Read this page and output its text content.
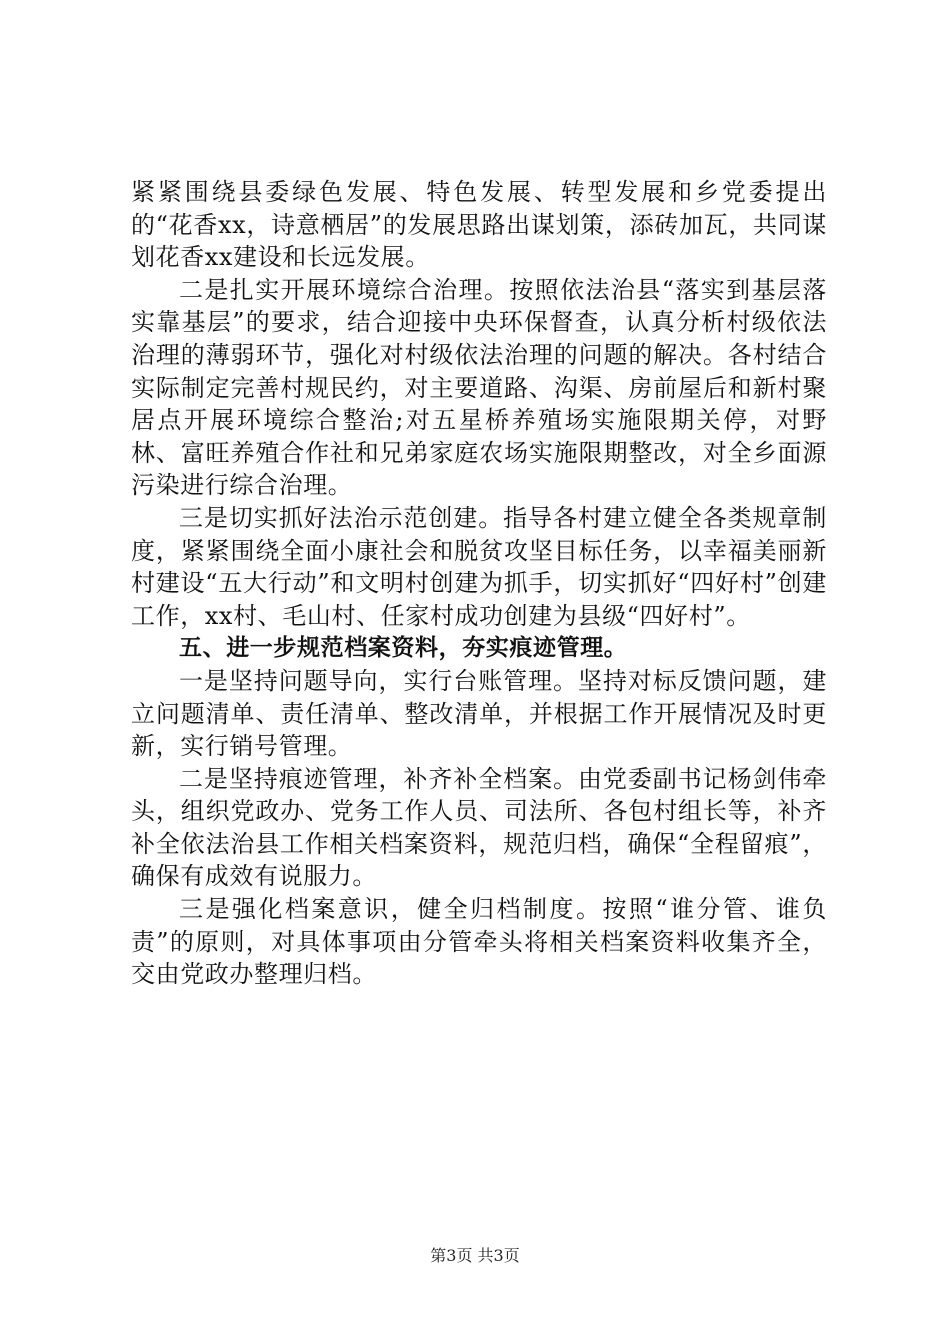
紧紧围绕县委绿色发展、特色发展、转型发展和乡党委提出的“花香xx，诗意栖居”的发展思路出谋划策，添砖加瓦，共同谋划花香xx建设和长远发展。

二是扎实开展环境综合治理。按照依法治县“落实到基层落实靠基层”的要求，结合迎接中央环保督查，认真分析村级依法治理的薄弱环节，强化对村级依法治理的问题的解决。各村结合实际制定完善村规民约，对主要道路、沟渠、房前屋后和新村聚居点开展环境综合整治;对五星桥养殖场实施限期关停，对野林、富旺养殖合作社和兄弟家庭农场实施限期整改，对全乡面源污染进行综合治理。

三是切实抓好法治示范创建。指导各村建立健全各类规章制度，紧紧围绕全面小康社会和脱贫攻坚目标任务，以幸福美丽新村建设“五大行动”和文明村创建为抓手，切实抓好“四好村”创建工作，xx村、毛山村、任家村成功创建为县级“四好村”。

五、进一步规范档案资料，夯实痕迹管理。

一是坚持问题导向，实行台账管理。坚持对标反馈问题，建立问题清单、责任清单、整改清单，并根据工作开展情况及时更新，实行销号管理。

二是坚持痕迹管理，补齐补全档案。由党委副书记杨剑伟牵头，组织党政办、党务工作人员、司法所、各包村组长等，补齐补全依法治县工作相关档案资料，规范归档，确保“全程留痕”，确保有成效有说服力。

三是强化档案意识，健全归档制度。按照“谁分管、谁负责”的原则，对具体事项由分管牵头将相关档案资料收集齐全，交由党政办整理归档。

第3页 共3页
